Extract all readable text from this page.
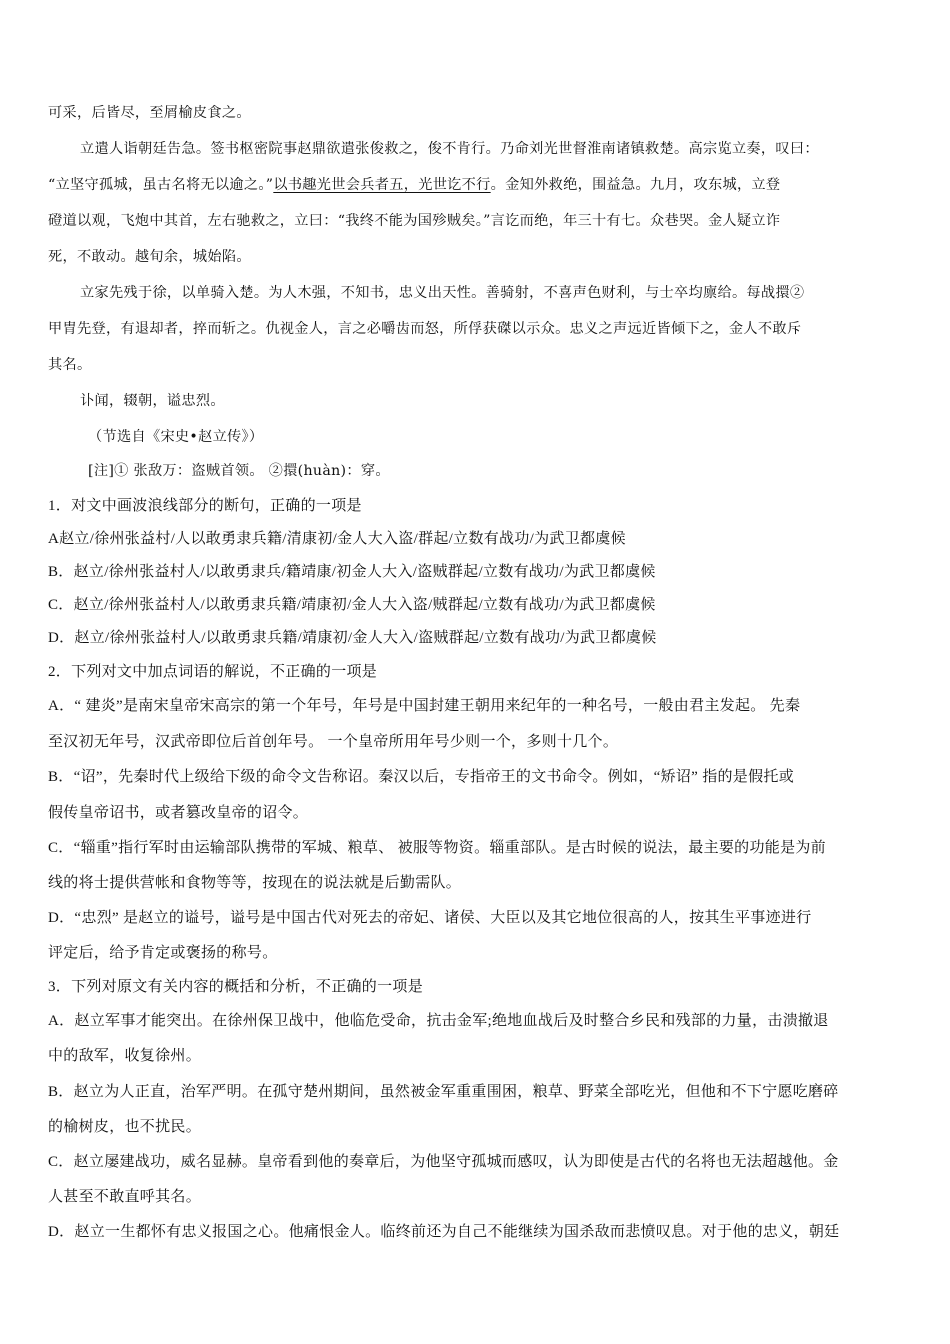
可采，后皆尽，至屑榆皮食之。
立遣人诣朝廷告急。签书枢密院事赵鼎欲遣张俊救之，俊不肯行。乃命刘光世督淮南诸镇救楚。高宗览立奏，叹曰：
“立坚守孤城，虽古名将无以逾之。”以书趣光世会兵者五，光世讫不行。金知外救绝，围益急。九月，攻东城，立登
磴道以观，飞炮中其首，左右驰救之，立曰：“我终不能为国殄贼矣。”言讫而绝，年三十有七。众巷哭。金人疑立诈
死，不敢动。越旬余，城始陷。
立家先残于徐，以单骑入楚。为人木强，不知书，忠义出天性。善骑射，不喜声色财利，与士卒均廪给。每战擐②
甲胄先登，有退却者，捽而斩之。仇视金人，言之必嚼齿而怒，所俘获磔以示众。忠义之声远近皆倾下之，金人不敢斥
其名。
讣闻，辍朝，谥忠烈。
（节选自《宋史•赵立传》）
[注]① 张敌万：盗贼首领。 ②擐(huàn)：穿。
1．对文中画波浪线部分的断句，正确的一项是
A赵立/徐州张益村/人以敢勇隶兵籍/清康初/金人大入盗/群起/立数有战功/为武卫都虞候
B．赵立/徐州张益村人/以敢勇隶兵/籍靖康/初金人大入/盗贼群起/立数有战功/为武卫都虞候
C．赵立/徐州张益村人/以敢勇隶兵籍/靖康初/金人大入盗/贼群起/立数有战功/为武卫都虞候
D．赵立/徐州张益村人/以敢勇隶兵籍/靖康初/金人大入/盗贼群起/立数有战功/为武卫都虞候
2．下列对文中加点词语的解说，不正确的一项是
A．“ 建炎”是南宋皇帝宋高宗的第一个年号，年号是中国封建王朝用来纪年的一种名号，一般由君主发起。 先秦
至汉初无年号，汉武帝即位后首创年号。 一个皇帝所用年号少则一个，多则十几个。
B．“诏”，先秦时代上级给下级的命令文告称诏。秦汉以后，专指帝王的文书命令。例如，“矫诏” 指的是假托或
假传皇帝诏书，或者篡改皇帝的诏令。
C．“辎重”指行军时由运输部队携带的军城、粮草、 被服等物资。辎重部队。是古时候的说法，最主要的功能是为前
线的将士提供营帐和食物等等，按现在的说法就是后勤需队。
D．“忠烈” 是赵立的谥号，谥号是中国古代对死去的帝妃、诸侯、大臣以及其它地位很高的人，按其生平事迹进行
评定后，给予肯定或褒扬的称号。
3．下列对原文有关内容的概括和分析，不正确的一项是
A．赵立军事才能突出。在徐州保卫战中，他临危受命，抗击金军;绝地血战后及时整合乡民和残部的力量，击溃撤退
中的敌军，收复徐州。
B．赵立为人正直，治军严明。在孤守楚州期间，虽然被金军重重围困，粮草、野菜全部吃光，但他和不下宁愿吃磨碎
的榆树皮，也不扰民。
C．赵立屡建战功，威名显赫。皇帝看到他的奏章后，为他坚守孤城而感叹，认为即使是古代的名将也无法超越他。金
人甚至不敢直呼其名。
D．赵立一生都怀有忠义报国之心。他痛恨金人。临终前还为自己不能继续为国杀敌而悲愤叹息。对于他的忠义，朝廷
